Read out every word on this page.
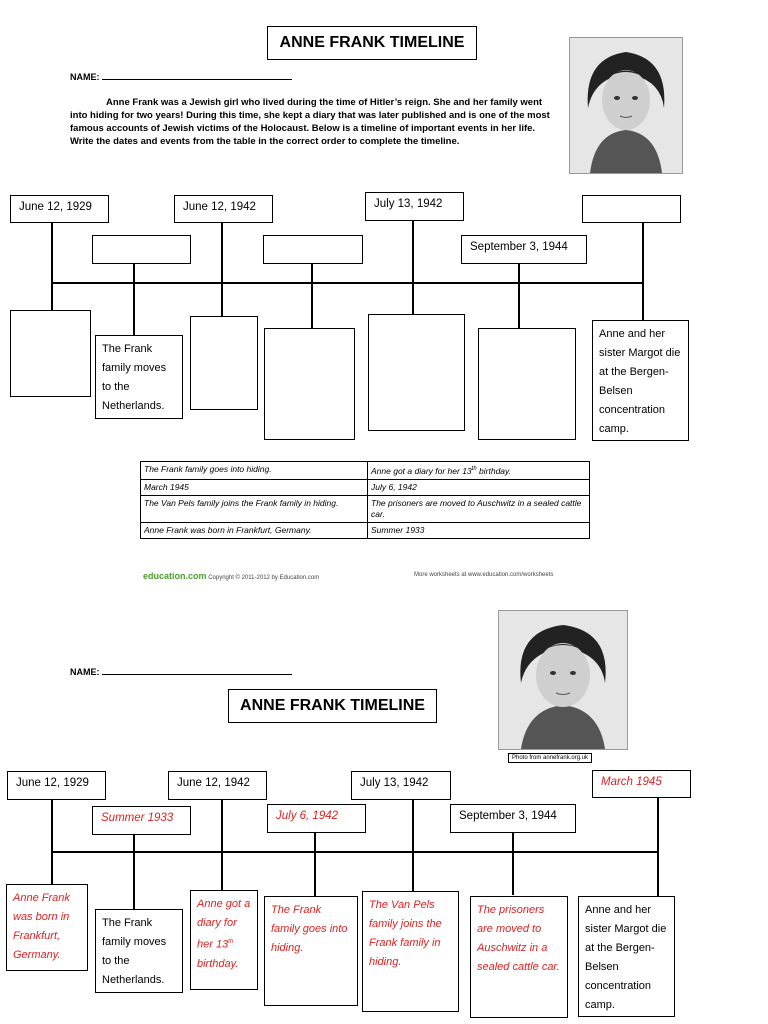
ANNE FRANK TIMELINE
NAME:
Anne Frank was a Jewish girl who lived during the time of Hitler’s reign. She and her family went into hiding for two years! During this time, she kept a diary that was later published and is one of the most famous accounts of Jewish victims of the Holocaust. Below is a timeline of important events in her life. Write the dates and events from the table in the correct order to complete the timeline.
June 12, 1929	June 12, 1942	July 13, 1942
September 3, 1944
The Frank family moves to the Netherlands.
Anne and her sister Margot die at the Bergen-Belsen concentration camp.
The Frank family goes into hiding.	Anne got a diary for her 13th birthday.
March 1945	July 6, 1942
The Van Pels family joins the Frank family in hiding.	The prisoners are moved to Auschwitz in a sealed cattle car.
Anne Frank was born in Frankfurt, Germany.	Summer 1933
education.com Copyright © 2011-2012 by Education.com	More worksheets at www.education.com/worksheets
NAME:
ANNE FRANK TIMELINE
Photo from annefrank.org.uk
June 12, 1929
Summer 1933
June 12, 1942
July 6, 1942
July 13, 1942
September 3, 1944
March 1945
Anne Frank was born in Frankfurt, Germany.
The Frank family moves to the Netherlands.
Anne got a diary for her 13th birthday.
The Frank family goes into hiding.
The Van Pels family joins the Frank family in hiding.
The prisoners are moved to Auschwitz in a sealed cattle car.
Anne and her sister Margot die at the Bergen-Belsen concentration camp.
